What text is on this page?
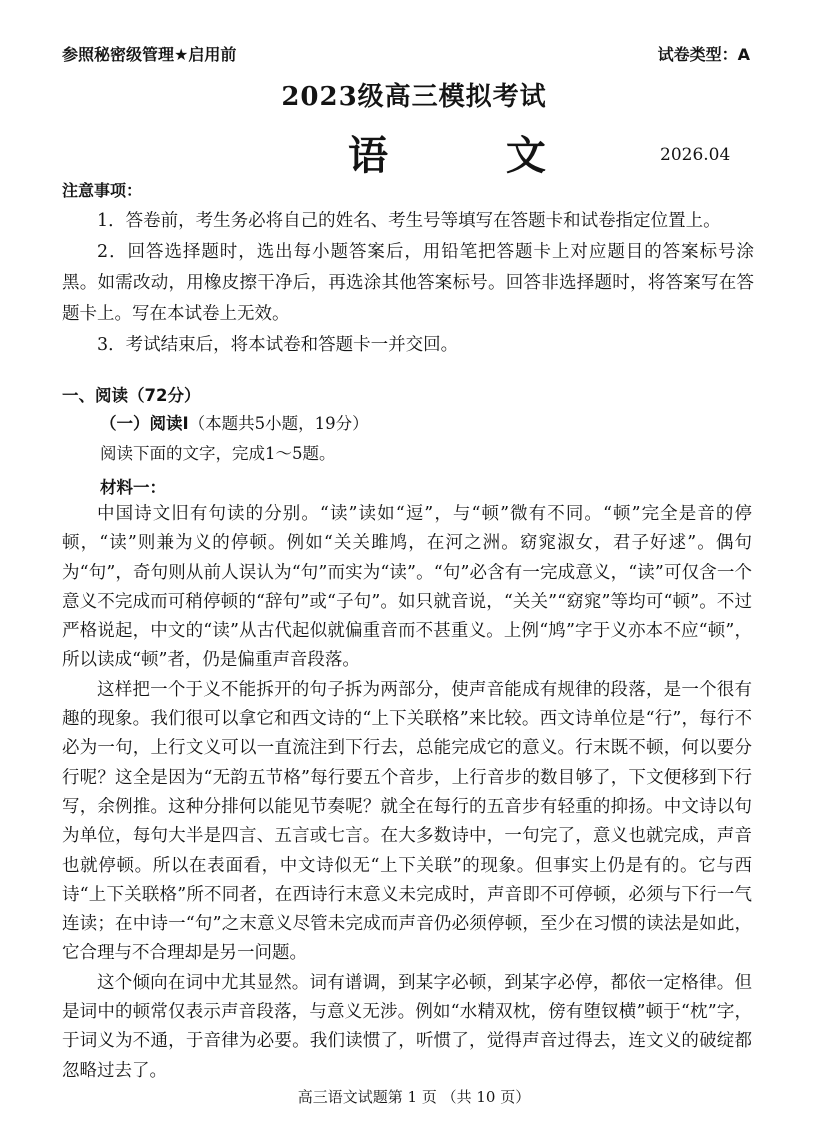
参照秘密级管理★启用前	试卷类型：A
2023级高三模拟考试
语 文	2026.04
注意事项：

1．答卷前，考生务必将自己的姓名、考生号等填写在答题卡和试卷指定位置上。

2．回答选择题时，选出每小题答案后，用铅笔把答题卡上对应题目的答案标号涂黑。如需改动，用橡皮擦干净后，再选涂其他答案标号。回答非选择题时，将答案写在答题卡上。写在本试卷上无效。

3．考试结束后，将本试卷和答题卡一并交回。

一、阅读（72分）
（一）阅读Ⅰ（本题共5小题，19分）
阅读下面的文字，完成1～5题。
材料一：

中国诗文旧有句读的分别。“读”读如“逗”，与“顿”微有不同。“顿”完全是音的停顿，“读”则兼为义的停顿。例如“关关雎鸠，在河之洲。窈窕淑女，君子好逑”。偶句为“句”，奇句则从前人误认为“句”而实为“读”。“句”必含有一完成意义，“读”可仅含一个意义不完成而可稍停顿的“辞句”或“子句”。如只就音说，“关关”“窈窕”等均可“顿”。不过严格说起，中文的“读”从古代起似就偏重音而不甚重义。上例“鸠”字于义亦本不应“顿”，所以读成“顿”者，仍是偏重声音段落。

这样把一个于义不能拆开的句子拆为两部分，使声音能成有规律的段落，是一个很有趣的现象。我们很可以拿它和西文诗的“上下关联格”来比较。西文诗单位是“行”，每行不必为一句，上行文义可以一直流注到下行去，总能完成它的意义。行末既不顿，何以要分行呢？这全是因为“无韵五节格”每行要五个音步，上行音步的数目够了，下文便移到下行写，余例推。这种分排何以能见节奏呢？就全在每行的五音步有轻重的抑扬。中文诗以句为单位，每句大半是四言、五言或七言。在大多数诗中，一句完了，意义也就完成，声音也就停顿。所以在表面看，中文诗似无“上下关联”的现象。但事实上仍是有的。它与西诗“上下关联格”所不同者，在西诗行末意义未完成时，声音即不可停顿，必须与下行一气连读；在中诗一“句”之末意义尽管未完成而声音仍必须停顿，至少在习惯的读法是如此，它合理与不合理却是另一问题。

这个倾向在词中尤其显然。词有谱调，到某字必顿，到某字必停，都依一定格律。但是词中的顿常仅表示声音段落，与意义无涉。例如“水精双枕，傍有堕钗横”顿于“枕”字，于词义为不通，于音律为必要。我们读惯了，听惯了，觉得声音过得去，连文义的破绽都忽略过去了。

高三语文试题第 1 页 （共 10 页）
